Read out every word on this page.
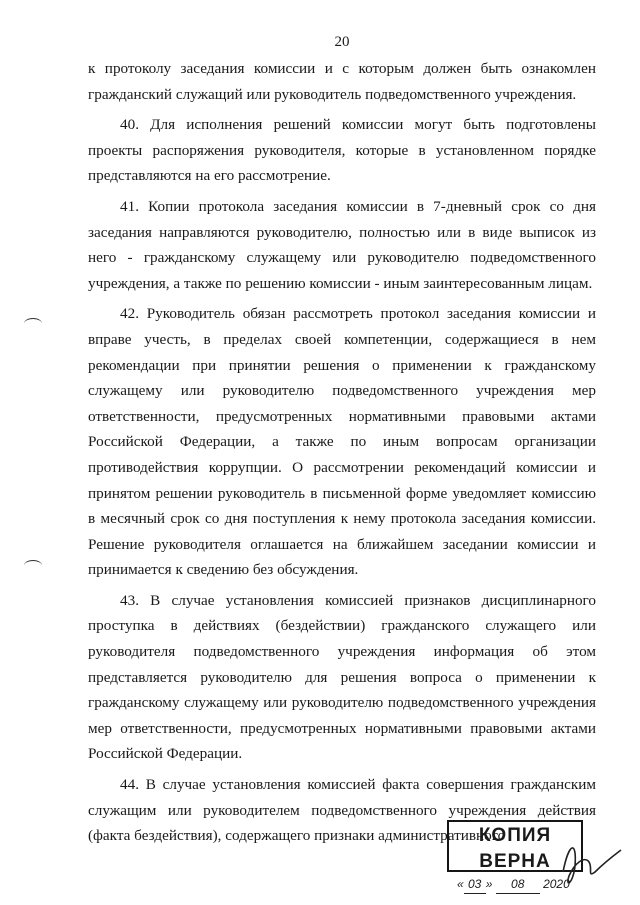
20

к протоколу заседания комиссии и с которым должен быть ознакомлен гражданский служащий или руководитель подведомственного учреждения.

40. Для исполнения решений комиссии могут быть подготовлены проекты распоряжения руководителя, которые в установленном порядке представляются на его рассмотрение.

41. Копии протокола заседания комиссии в 7-дневный срок со дня заседания направляются руководителю, полностью или в виде выписок из него - гражданскому служащему или руководителю подведомственного учреждения, а также по решению комиссии - иным заинтересованным лицам.

42. Руководитель обязан рассмотреть протокол заседания комиссии и вправе учесть, в пределах своей компетенции, содержащиеся в нем рекомендации при принятии решения о применении к гражданскому служащему или руководителю подведомственного учреждения мер ответственности, предусмотренных нормативными правовыми актами Российской Федерации, а также по иным вопросам организации противодействия коррупции. О рассмотрении рекомендаций комиссии и принятом решении руководитель в письменной форме уведомляет комиссию в месячный срок со дня поступления к нему протокола заседания комиссии. Решение руководителя оглашается на ближайшем заседании комиссии и принимается к сведению без обсуждения.

43. В случае установления комиссией признаков дисциплинарного проступка в действиях (бездействии) гражданского служащего или руководителя подведомственного учреждения информация об этом представляется руководителю для решения вопроса о применении к гражданскому служащему или руководителю подведомственного учреждения мер ответственности, предусмотренных нормативными правовыми актами Российской Федерации.

44. В случае установления комиссией факта совершения гражданским служащим или руководителем подведомственного учреждения действия (факта бездействия), содержащего признаки административного

КОПИЯ ВЕРНА
« 03 » 08 2020
